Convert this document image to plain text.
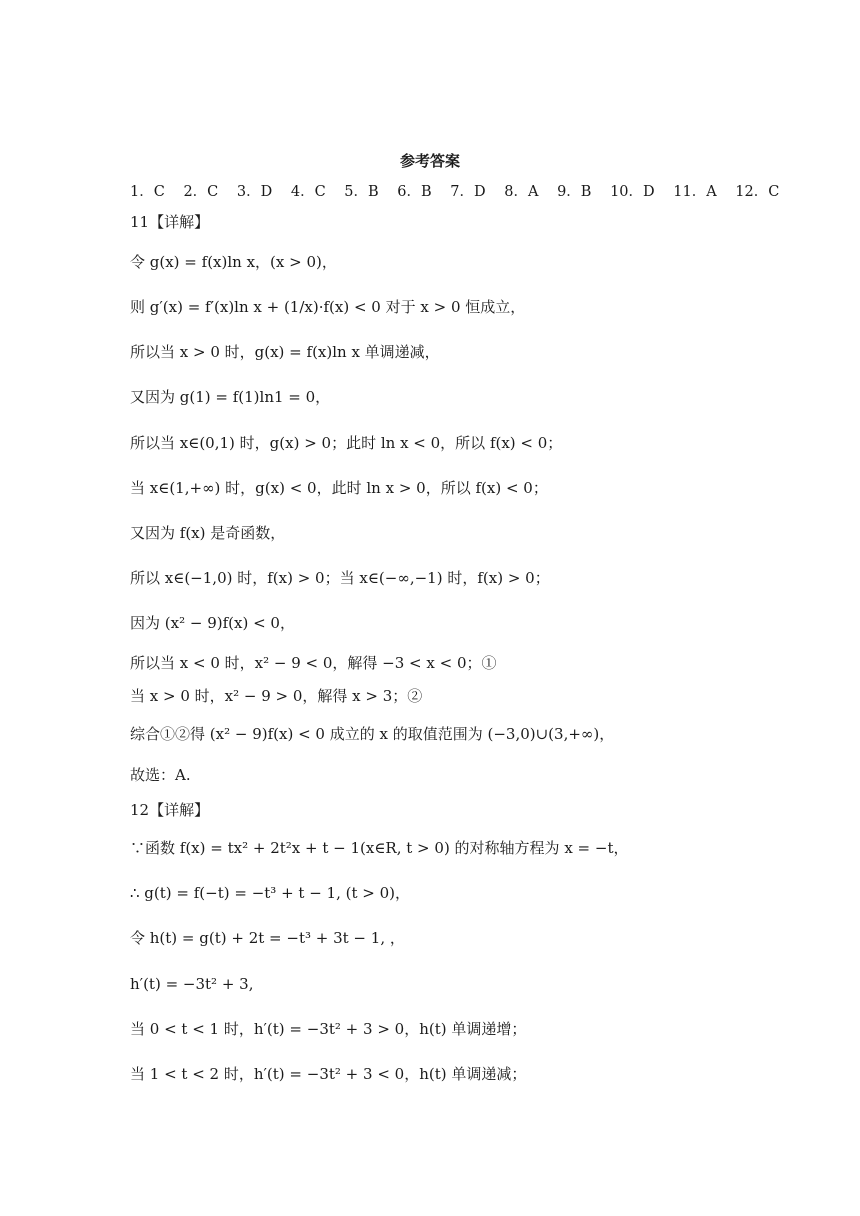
参考答案
1．C 2．C 3．D 4．C 5．B 6．B 7．D 8．A 9．B 10．D 11．A 12．C
11【详解】
令 g(x) = f(x)ln x，(x > 0)，
则 g′(x) = f′(x)ln x + (1/x)·f(x) < 0 对于 x > 0 恒成立，
所以当 x > 0 时，g(x) = f(x)ln x 单调递减，
又因为 g(1) = f(1)ln1 = 0，
所以当 x∈(0,1) 时，g(x) > 0；此时 ln x < 0，所以 f(x) < 0；
当 x∈(1,+∞) 时，g(x) < 0，此时 ln x > 0，所以 f(x) < 0；
又因为 f(x) 是奇函数，
所以 x∈(−1,0) 时，f(x) > 0；当 x∈(−∞,−1) 时，f(x) > 0；
因为 (x² − 9)f(x) < 0，
所以当 x < 0 时，x² − 9 < 0，解得 −3 < x < 0；①
当 x > 0 时，x² − 9 > 0，解得 x > 3；②
综合①②得 (x² − 9)f(x) < 0 成立的 x 的取值范围为 (−3,0)∪(3,+∞)，
故选：A.
12【详解】
∵函数 f(x) = tx² + 2t²x + t − 1(x∈R, t > 0) 的对称轴方程为 x = −t，
∴ g(t) = f(−t) = −t³ + t − 1, (t > 0)，
令 h(t) = g(t) + 2t = −t³ + 3t − 1, ，
h′(t) = −3t² + 3,
当 0 < t < 1 时，h′(t) = −3t² + 3 > 0，h(t) 单调递增；
当 1 < t < 2 时，h′(t) = −3t² + 3 < 0，h(t) 单调递减；
